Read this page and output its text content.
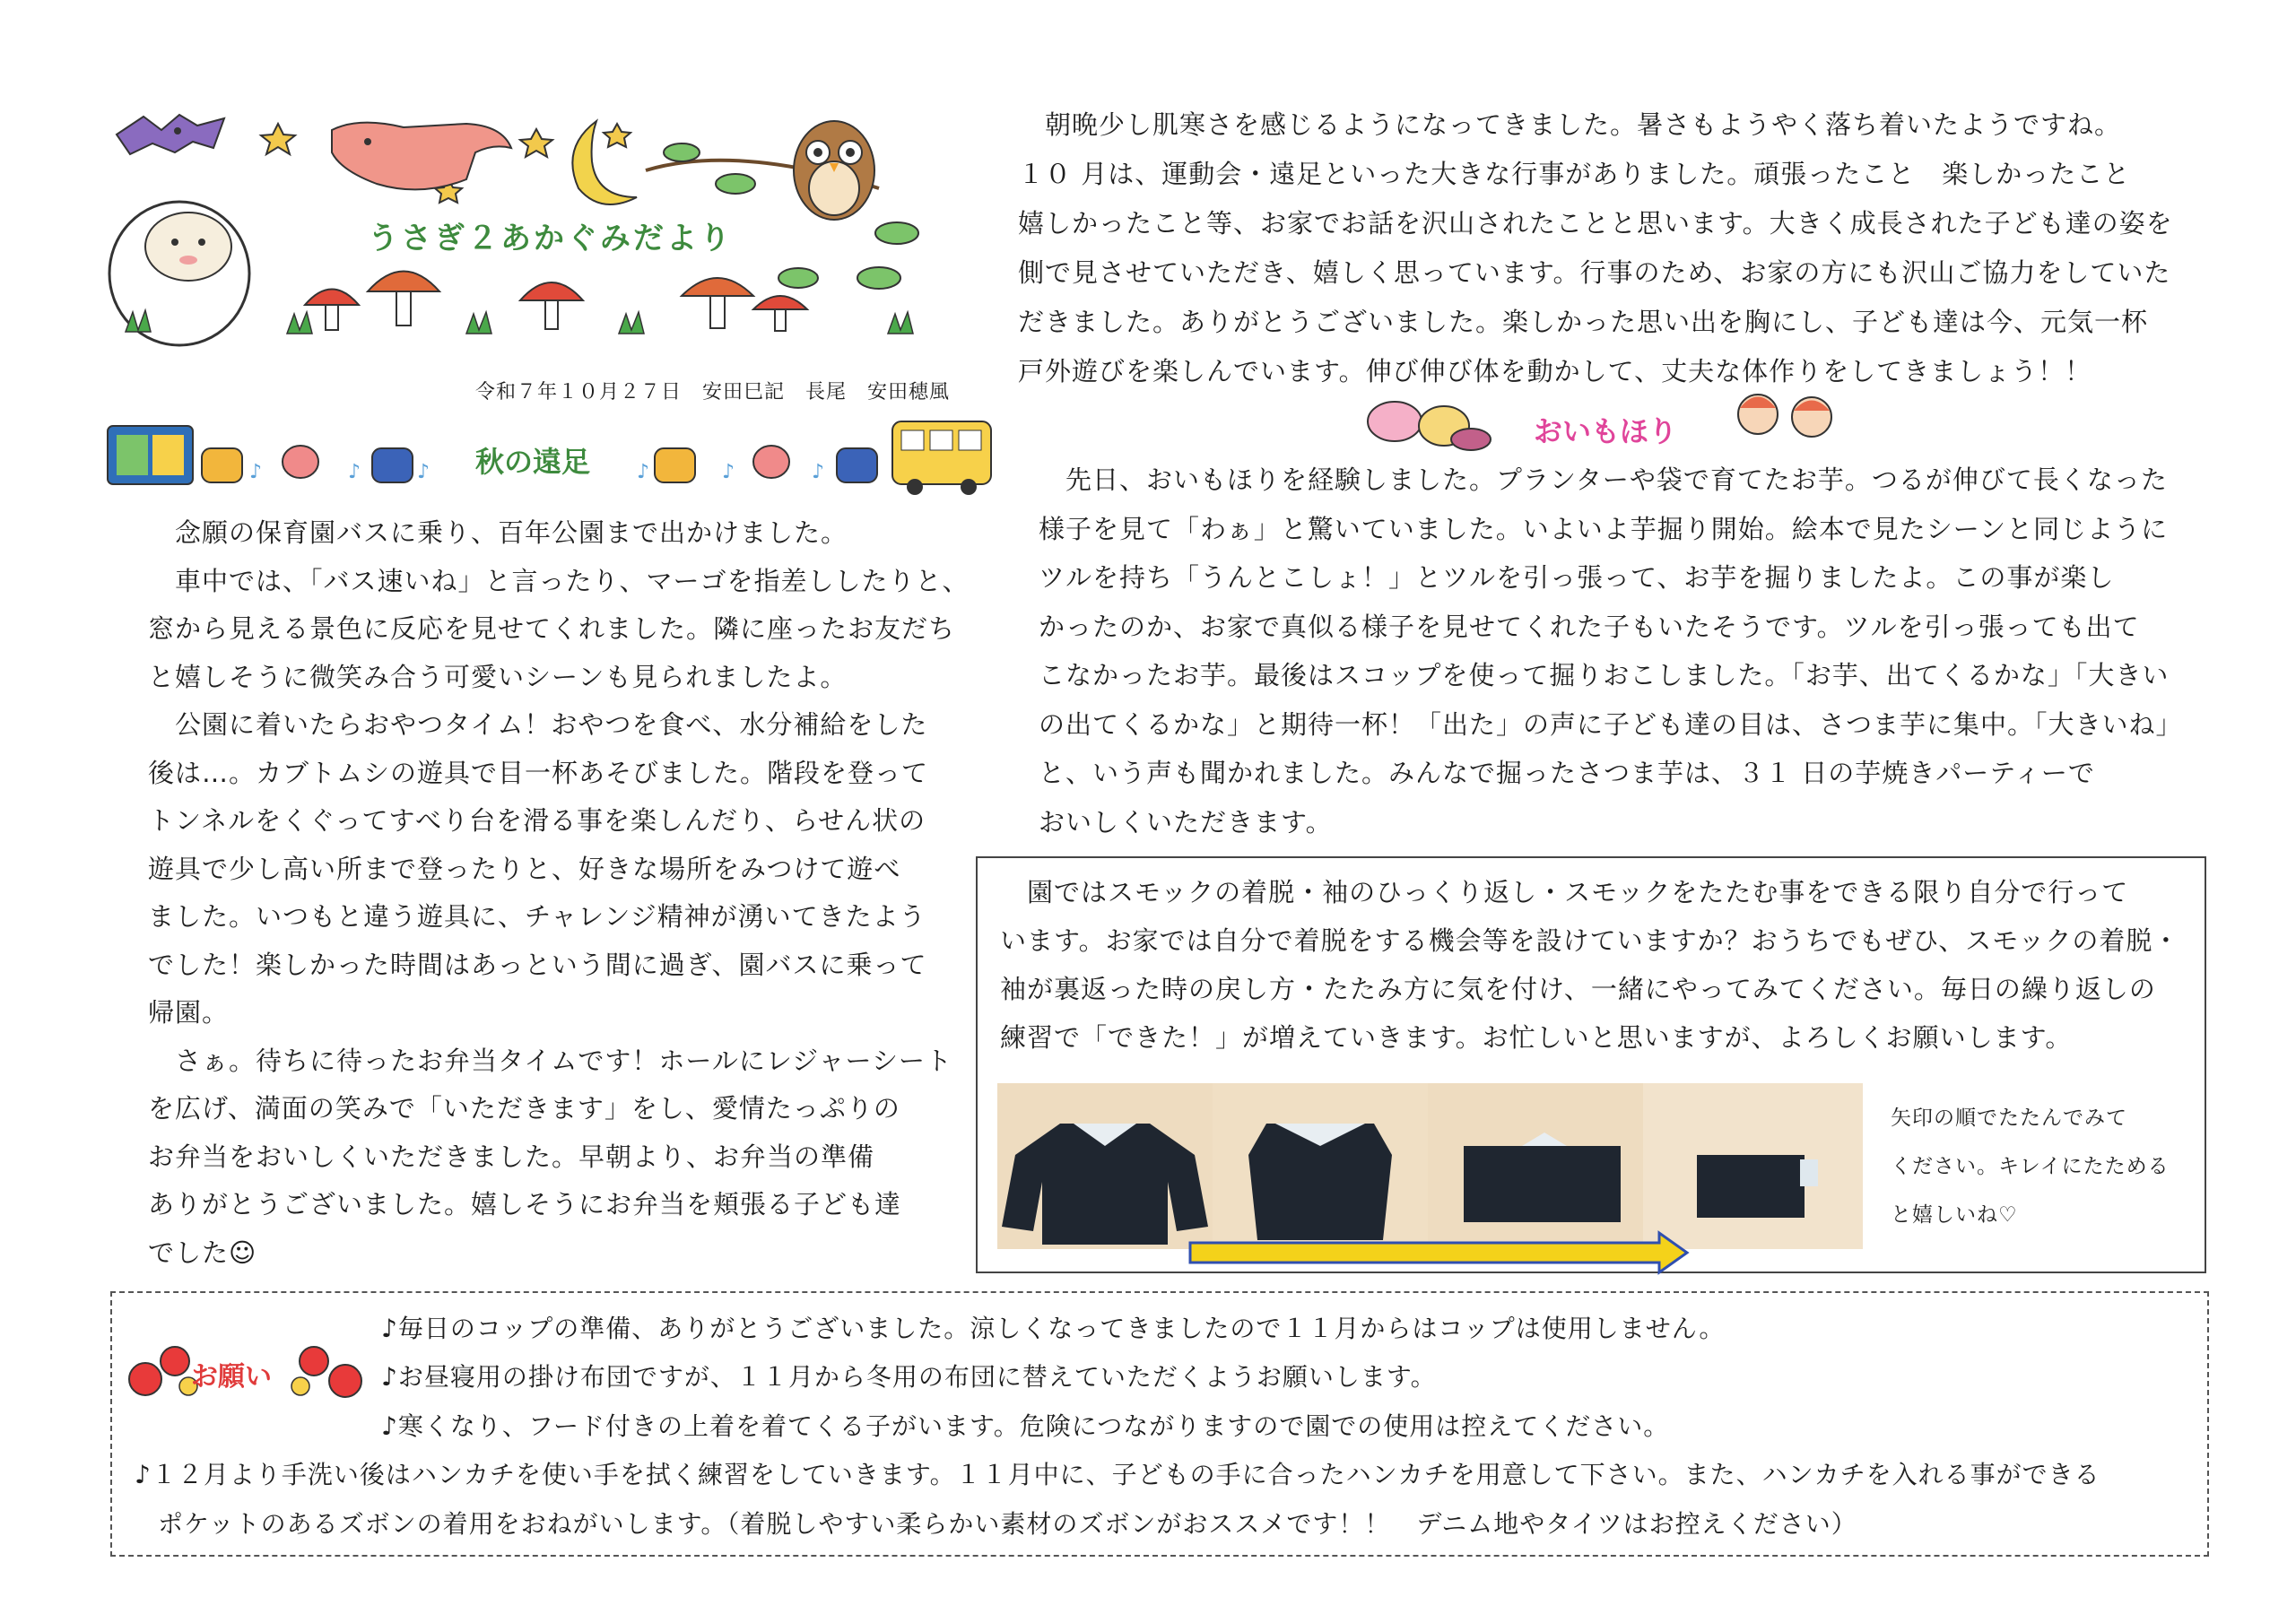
うさぎ２あかぐみだより
令和７年１０月２７日　安田巳記　長尾　安田穂風
♪	♪	♪	♪	♪	♪
秋の遠足
　念願の保育園バスに乗り、百年公園まで出かけました。
　車中では、「バス速いね」と言ったり、マーゴを指差ししたりと、
窓から見える景色に反応を見せてくれました。隣に座ったお友だち
と嬉しそうに微笑み合う可愛いシーンも見られましたよ。
　公園に着いたらおやつタイム！おやつを食べ、水分補給をした
後は…。カブトムシの遊具で目一杯あそびました。階段を登って
トンネルをくぐってすべり台を滑る事を楽しんだり、らせん状の
遊具で少し高い所まで登ったりと、好きな場所をみつけて遊べ
ました。いつもと違う遊具に、チャレンジ精神が湧いてきたよう
でした！楽しかった時間はあっという間に過ぎ、園バスに乗って
帰園。
　さぁ。待ちに待ったお弁当タイムです！ホールにレジャーシート
を広げ、満面の笑みで「いただきます」をし、愛情たっぷりの
お弁当をおいしくいただきました。早朝より、お弁当の準備
ありがとうございました。嬉しそうにお弁当を頬張る子ども達
でした☺
　朝晩少し肌寒さを感じるようになってきました。暑さもようやく落ち着いたようですね。
１０ 月は、運動会・遠足といった大きな行事がありました。頑張ったこと　楽しかったこと
嬉しかったこと等、お家でお話を沢山されたことと思います。大きく成長された子ども達の姿を
側で見させていただき、嬉しく思っています。行事のため、お家の方にも沢山ご協力をしていた
だきました。ありがとうございました。楽しかった思い出を胸にし、子ども達は今、元気一杯
戸外遊びを楽しんでいます。伸び伸び体を動かして、丈夫な体作りをしてきましょう！！
おいもほり
　先日、おいもほりを経験しました。プランターや袋で育てたお芋。つるが伸びて長くなった
様子を見て「わぁ」と驚いていました。いよいよ芋掘り開始。絵本で見たシーンと同じように
ツルを持ち「うんとこしょ！」とツルを引っ張って、お芋を掘りましたよ。この事が楽し
かったのか、お家で真似る様子を見せてくれた子もいたそうです。ツルを引っ張っても出て
こなかったお芋。最後はスコップを使って掘りおこしました。「お芋、出てくるかな」「大きい
の出てくるかな」と期待一杯！「出た」の声に子ども達の目は、さつま芋に集中。「大きいね」
と、いう声も聞かれました。みんなで掘ったさつま芋は、３１ 日の芋焼きパーティーで
おいしくいただきます。
　園ではスモックの着脱・袖のひっくり返し・スモックをたたむ事をできる限り自分で行って
います。お家では自分で着脱をする機会等を設けていますか？おうちでもぜひ、スモックの着脱・
袖が裏返った時の戻し方・たたみ方に気を付け、一緒にやってみてください。毎日の繰り返しの
練習で「できた！」が増えていきます。お忙しいと思いますが、よろしくお願いします。
矢印の順でたたんでみて
ください。キレイにたためる
と嬉しいね♡
お願い
♪毎日のコップの準備、ありがとうございました。涼しくなってきましたので１１月からはコップは使用しません。
♪お昼寝用の掛け布団ですが、１１月から冬用の布団に替えていただくようお願いします。
♪寒くなり、フード付きの上着を着てくる子がいます。危険につながりますので園での使用は控えてください。
♪１２月より手洗い後はハンカチを使い手を拭く練習をしていきます。１１月中に、子どもの手に合ったハンカチを用意して下さい。また、ハンカチを入れる事ができる
ポケットのあるズボンの着用をおねがいします。（着脱しやすい柔らかい素材のズボンがおススメです！！　デニム地やタイツはお控えください）
